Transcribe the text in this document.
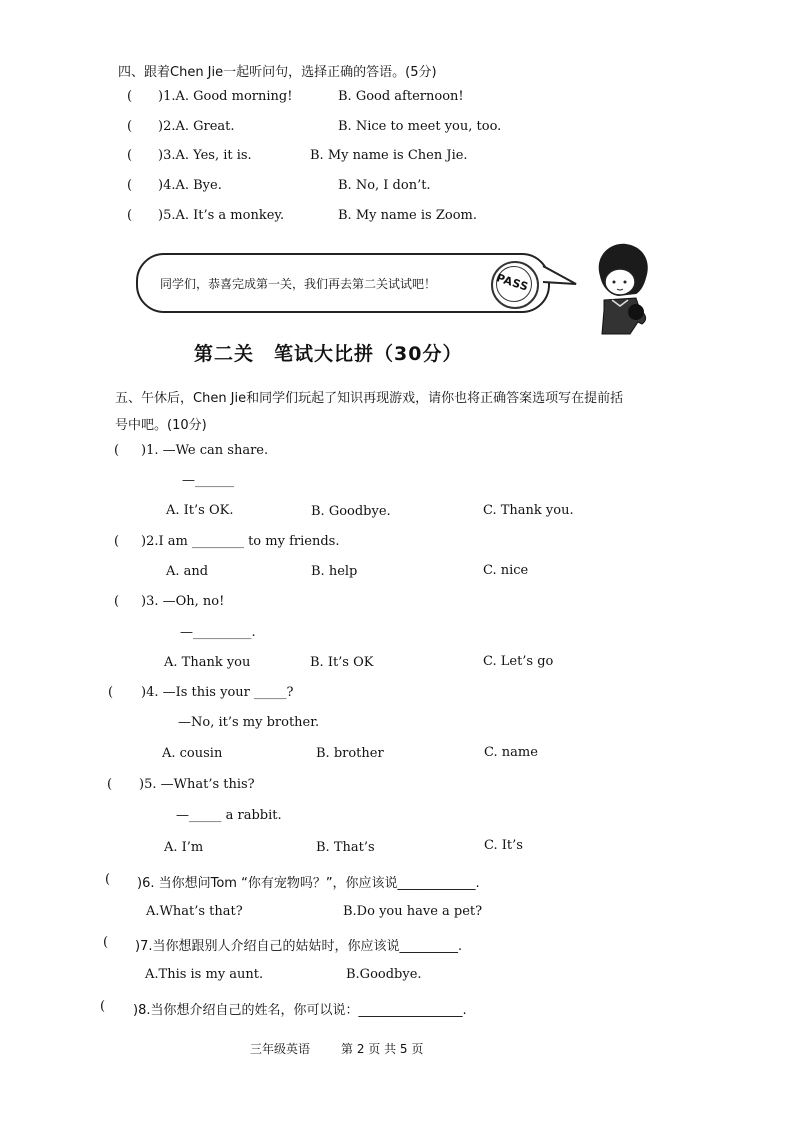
四、跟着Chen Jie一起听问句，选择正确的答语。(5分)
( )1.A. Good morning!	B. Good afternoon!
( )2.A. Great.	B. Nice to meet you, too.
( )3.A. Yes, it is.	B. My name is Chen Jie.
( )4.A. Bye.	B. No, I don’t.
( )5.A. It’s a monkey.	B. My name is Zoom.
同学们，恭喜完成第一关，我们再去第二关试试吧！	PASS
第二关　笔试大比拼（30分）
五、午休后，Chen Jie和同学们玩起了知识再现游戏，请你也将正确答案选项写在提前括
号中吧。(10分)
( )1. —We can share.
—______
A. It’s OK.	B. Goodbye.	C. Thank you.
( )2.I am ________ to my friends.
A. and	B. help	C. nice
( )3. —Oh, no!
—_________.
A. Thank you	B. It’s OK	C. Let’s go
( )4. —Is this your _____?
—No, it’s my brother.
A. cousin	B. brother	C. name
( )5. —What’s this?
—_____ a rabbit.
A. I’m	B. That’s	C. It’s
( )6. 当你想问Tom “你有宠物吗？”，你应该说____________.
A.What’s that?	B.Do you have a pet?
( )7.当你想跟别人介绍自己的姑姑时，你应该说_________.
A.This is my aunt.	B.Goodbye.
( )8.当你想介绍自己的姓名，你可以说：________________.
三年级英语	第 2 页 共 5 页
